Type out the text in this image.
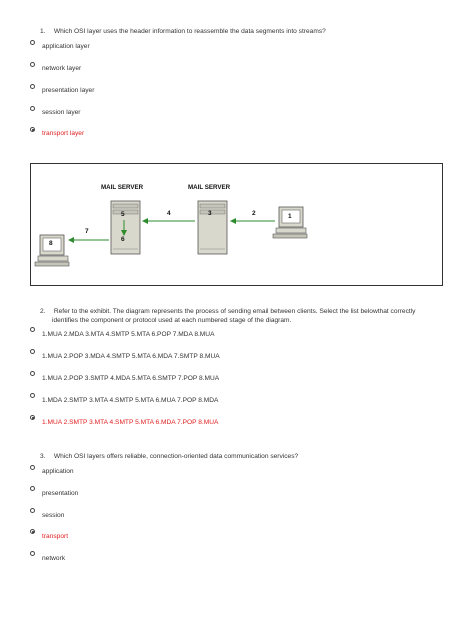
1. Which OSI layer uses the header information to reassemble the data segments into streams?
application layer
network layer
presentation layer
session layer
transport layer
MAIL SERVER	MAIL SERVER
1
2
3
4
5
6
7
8
2. Refer to the exhibit. The diagram represents the process of sending email between clients. Select the list belowthat correctly
identifies the component or protocol used at each numbered stage of the diagram.
1.MUA 2.MDA 3.MTA 4.SMTP 5.MTA 6.POP 7.MDA 8.MUA
1.MUA 2.POP 3.MDA 4.SMTP 5.MTA 6.MDA 7.SMTP 8.MUA
1.MUA 2.POP 3.SMTP 4.MDA 5.MTA 6.SMTP 7.POP 8.MUA
1.MDA 2.SMTP 3.MTA 4.SMTP 5.MTA 6.MUA 7.POP 8.MDA
1.MUA 2.SMTP 3.MTA 4.SMTP 5.MTA 6.MDA 7.POP 8.MUA
3. Which OSI layers offers reliable, connection-oriented data communication services?
application
presentation
session
transport
network
